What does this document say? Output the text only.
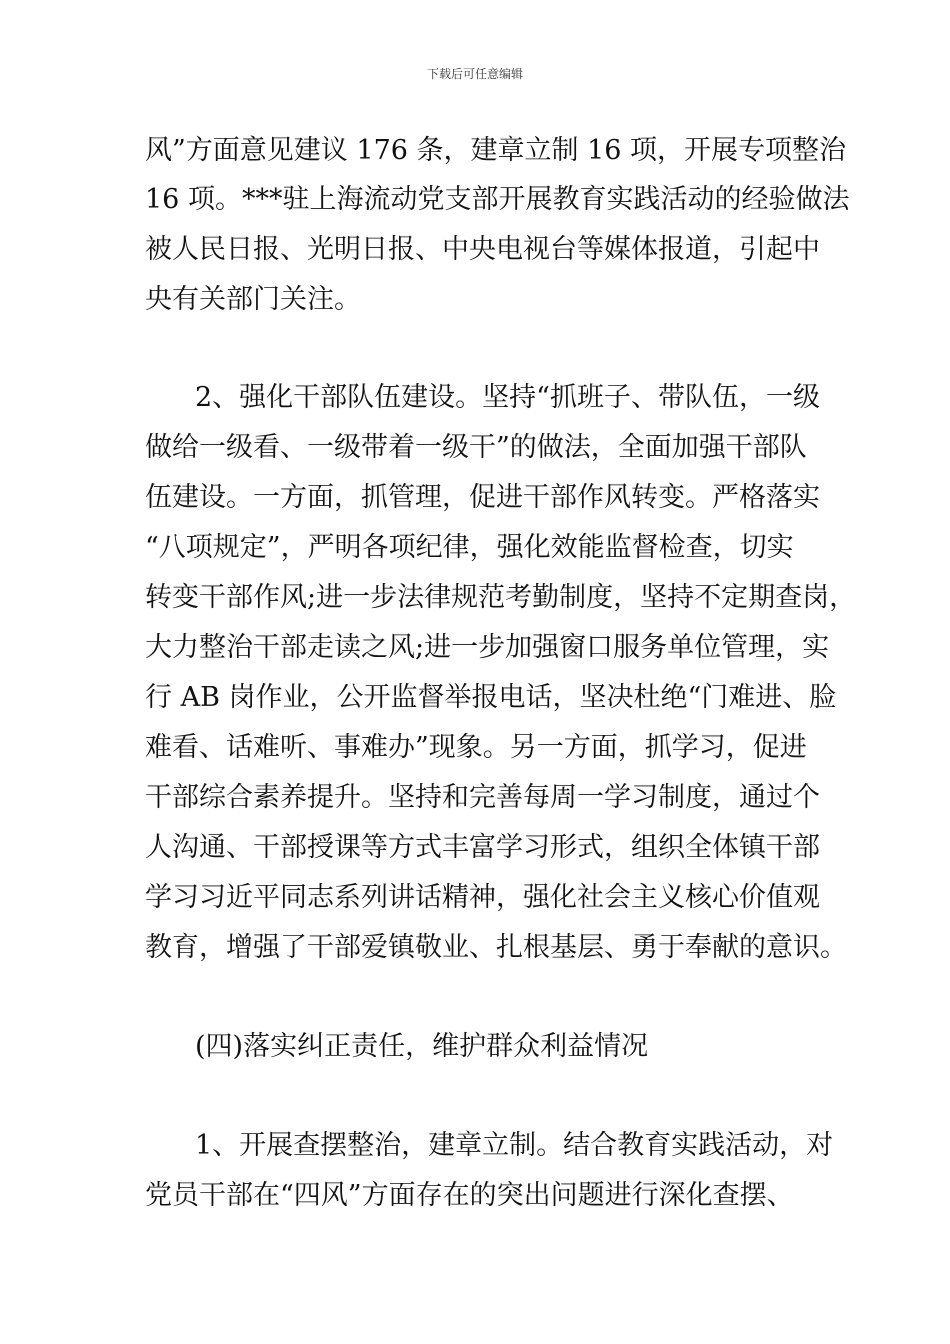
下载后可任意编辑
风”方面意见建议 176 条，建章立制 16 项，开展专项整治
16 项。***驻上海流动党支部开展教育实践活动的经验做法
被人民日报、光明日报、中央电视台等媒体报道，引起中
央有关部门关注。
2、强化干部队伍建设。坚持“抓班子、带队伍，一级
做给一级看、一级带着一级干”的做法，全面加强干部队
伍建设。一方面，抓管理，促进干部作风转变。严格落实
“八项规定”，严明各项纪律，强化效能监督检查，切实
转变干部作风;进一步法律规范考勤制度，坚持不定期查岗，
大力整治干部走读之风;进一步加强窗口服务单位管理，实
行 AB 岗作业，公开监督举报电话，坚决杜绝“门难进、脸
难看、话难听、事难办”现象。另一方面，抓学习，促进
干部综合素养提升。坚持和完善每周一学习制度，通过个
人沟通、干部授课等方式丰富学习形式，组织全体镇干部
学习习近平同志系列讲话精神，强化社会主义核心价值观
教育，增强了干部爱镇敬业、扎根基层、勇于奉献的意识。
(四)落实纠正责任，维护群众利益情况
1、开展查摆整治，建章立制。结合教育实践活动，对
党员干部在“四风”方面存在的突出问题进行深化查摆、
